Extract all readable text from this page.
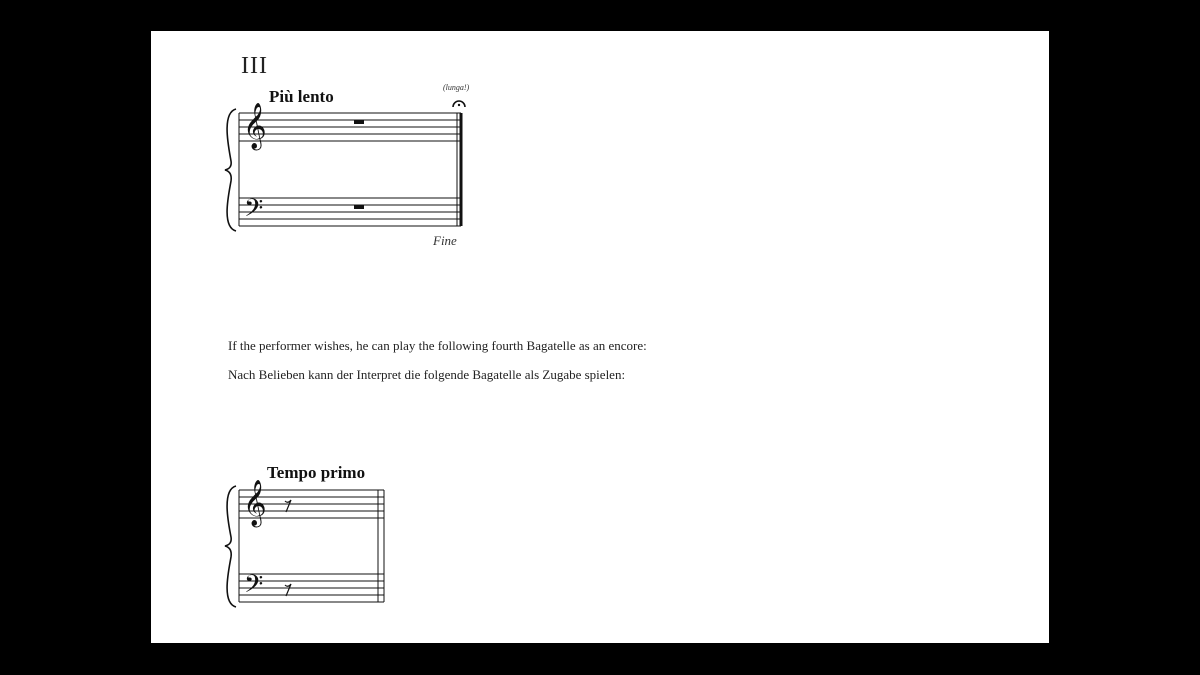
III
Più lento	(lunga!)
Fine
𝄞
𝄢
𝄞
𝄢
If the performer wishes, he can play the following fourth Bagatelle as an encore:
Nach Belieben kann der Interpret die folgende Bagatelle als Zugabe spielen:
Tempo primo
